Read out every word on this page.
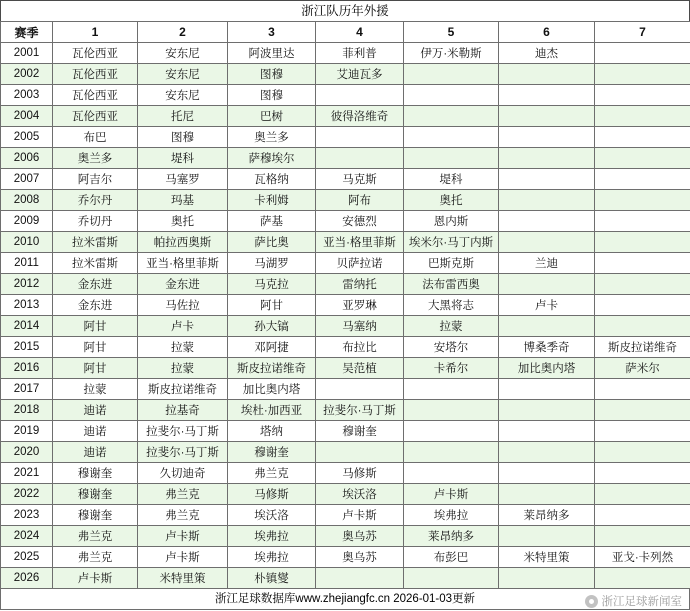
浙江队历年外援
赛季	1	2	3	4	5	6	7
2001	瓦伦西亚	安东尼	阿波里达	菲利普	伊万·米勒斯	迪杰	
2002	瓦伦西亚	安东尼	图穆	艾迪瓦多			
2003	瓦伦西亚	安东尼	图穆				
2004	瓦伦西亚	托尼	巴树	彼得洛维奇			
2005	布巴	图穆	奥兰多				
2006	奥兰多	堤科	萨穆埃尔				
2007	阿吉尔	马塞罗	瓦格纳	马克斯	堤科		
2008	乔尔丹	玛基	卡利姆	阿布	奥托		
2009	乔切丹	奥托	萨基	安德烈	恩内斯		
2010	拉米雷斯	帕拉西奥斯	萨比奥	亚当·格里菲斯	埃米尔·马丁内斯		
2011	拉米雷斯	亚当·格里菲斯	马湖罗	贝萨拉诺	巴斯克斯	兰迪	
2012	金东进	金东进	马克拉	雷纳托	法布雷西奥		
2013	金东进	马佐拉	阿甘	亚罗琳	大黑将志	卢卡	
2014	阿甘	卢卡	孙大镐	马塞纳	拉蒙		
2015	阿甘	拉蒙	邓阿捷	布拉比	安塔尔	博桑季奇	斯皮拉诺维奇
2016	阿甘	拉蒙	斯皮拉诺维奇	吴范植	卡希尔	加比奥内塔	萨米尔
2017	拉蒙	斯皮拉诺维奇	加比奥内塔				
2018	迪诺	拉基奇	埃杜·加西亚	拉斐尔·马丁斯			
2019	迪诺	拉斐尔·马丁斯	塔纳	穆谢奎			
2020	迪诺	拉斐尔·马丁斯	穆谢奎				
2021	穆谢奎	久切迪奇	弗兰克	马修斯			
2022	穆谢奎	弗兰克	马修斯	埃沃洛	卢卡斯		
2023	穆谢奎	弗兰克	埃沃洛	卢卡斯	埃弗拉	莱昂纳多	
2024	弗兰克	卢卡斯	埃弗拉	奥乌苏	莱昂纳多		
2025	弗兰克	卢卡斯	埃弗拉	奥乌苏	布彭巴	米特里策	亚戈·卡列然
2026	卢卡斯	米特里策	朴镇燮				
浙江足球数据库www.zhejiangfc.cn 2026-01-03更新	浙江足球新闻室
